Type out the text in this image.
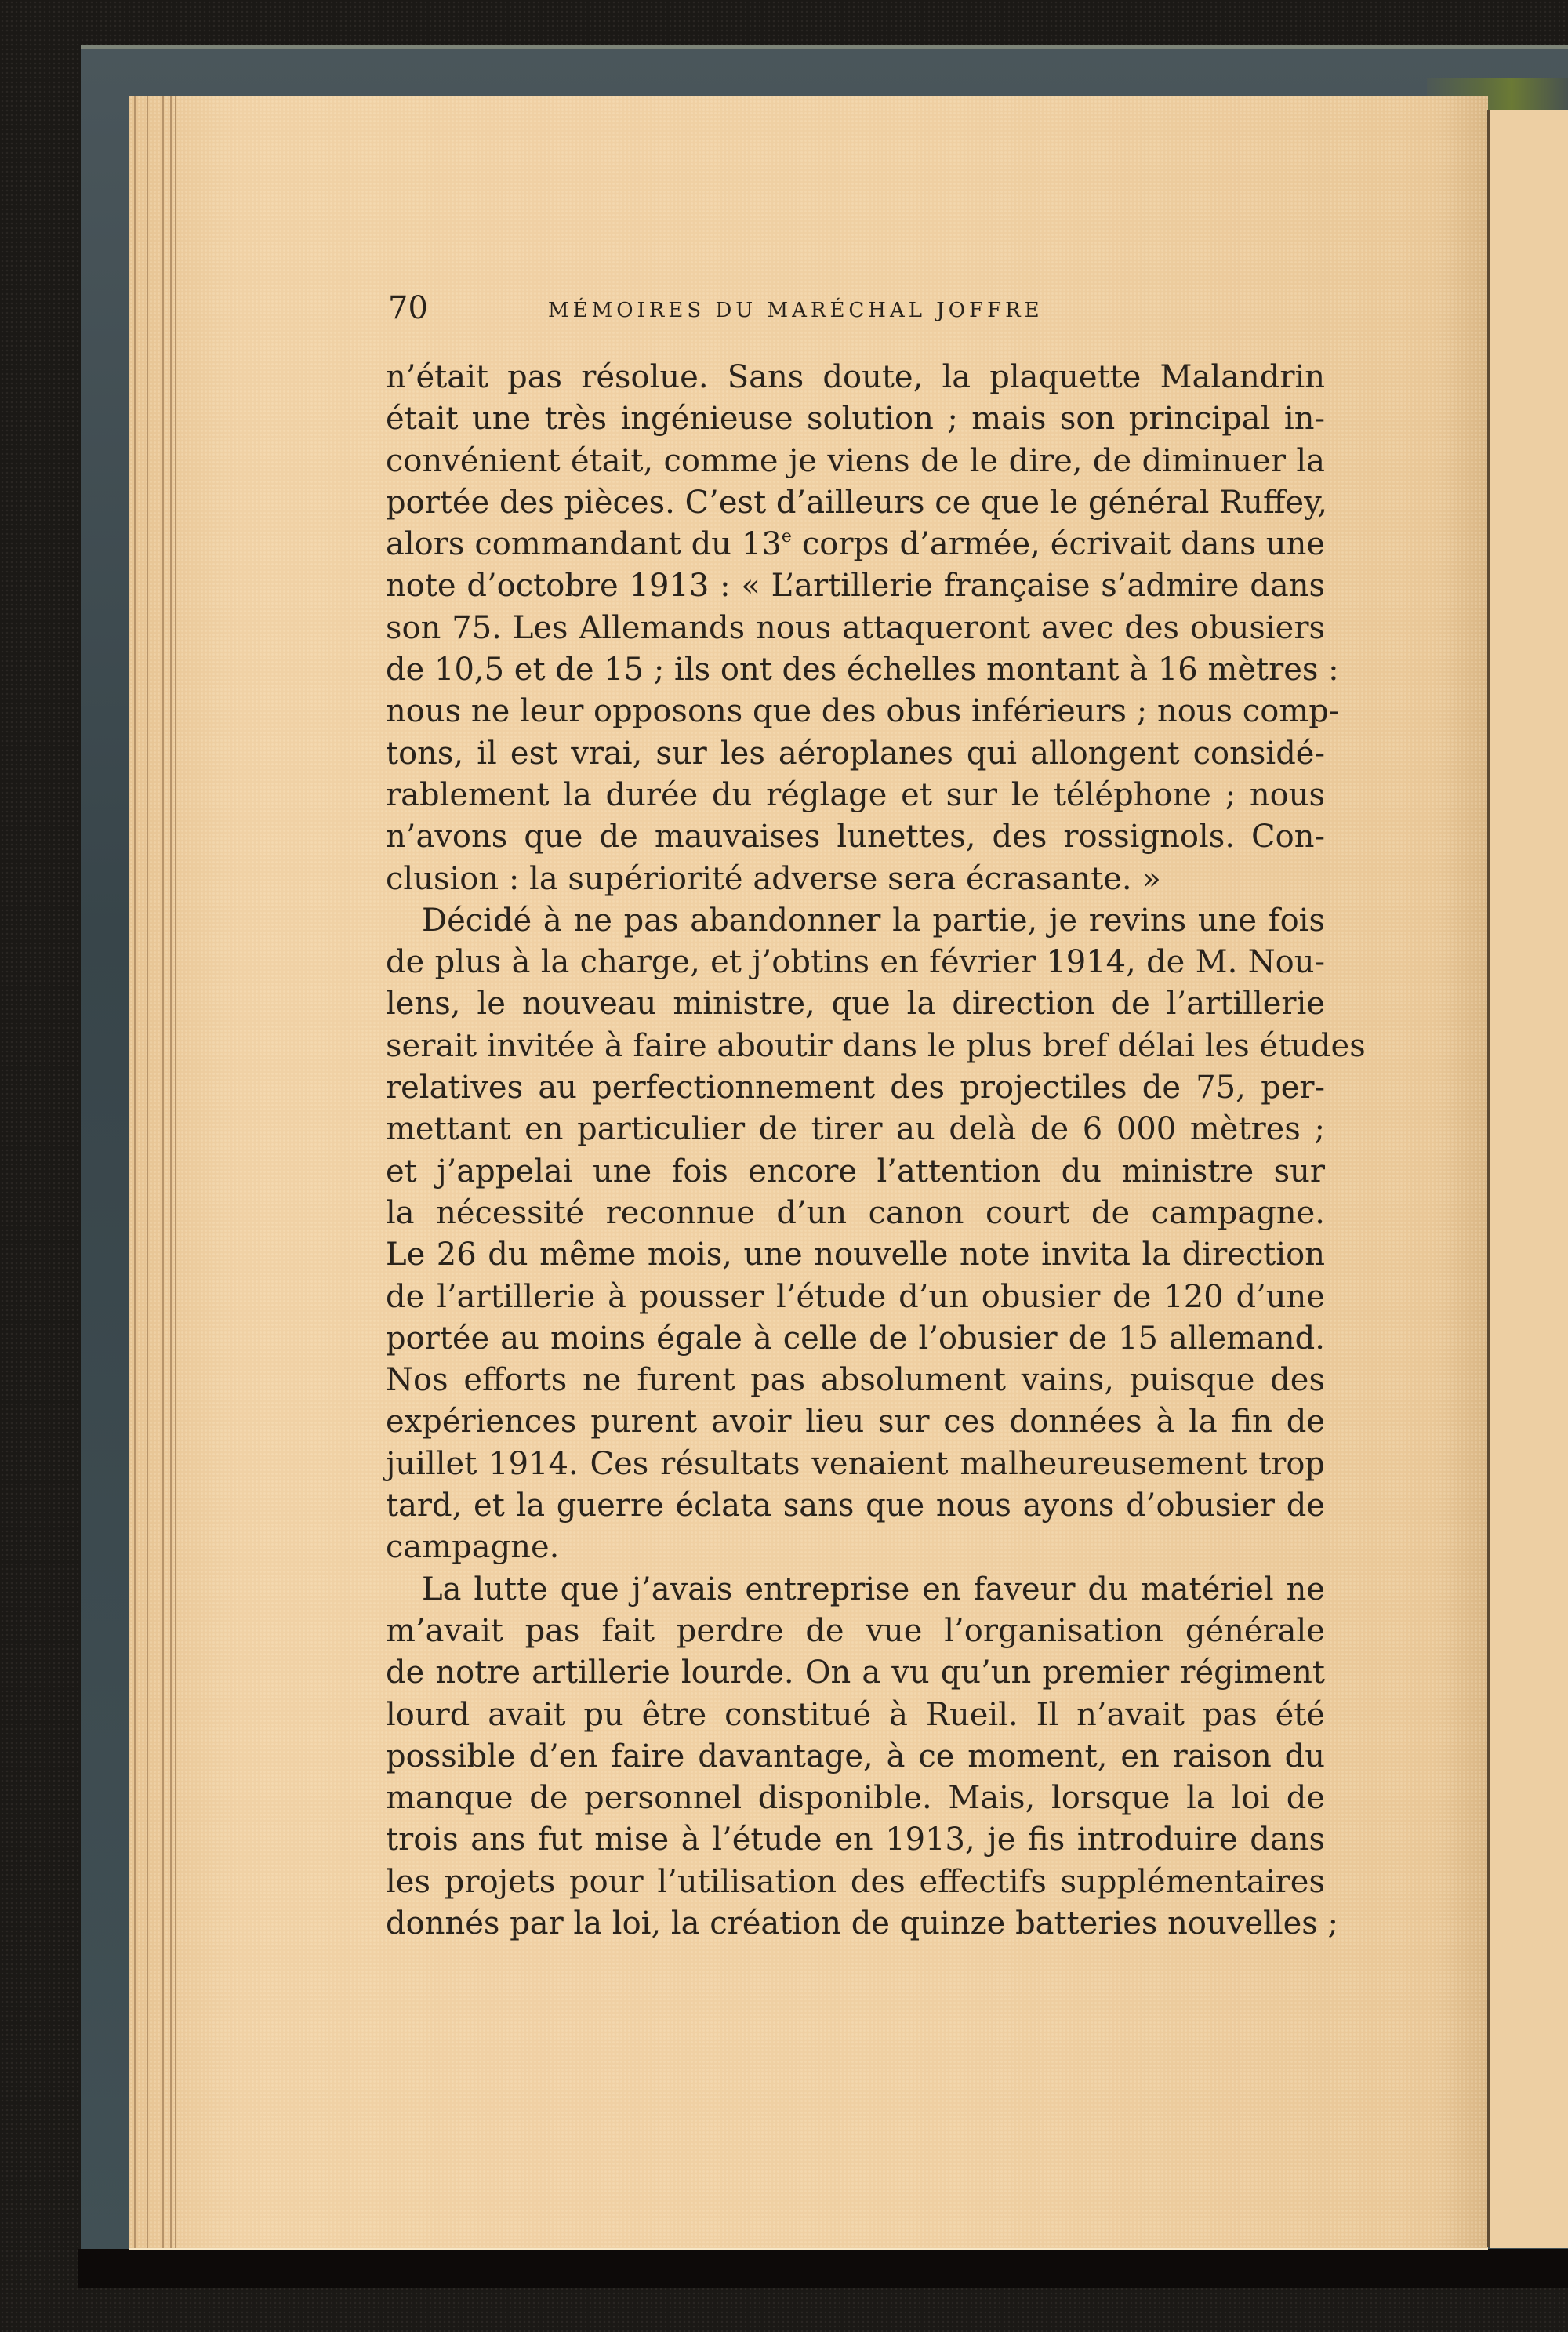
70	MÉMOIRES DU MARÉCHAL JOFFRE
n’était pas résolue. Sans doute, la plaquette Malandrin
était une très ingénieuse solution ; mais son principal in-
convénient était, comme je viens de le dire, de diminuer la
portée des pièces. C’est d’ailleurs ce que le général Ruffey,
alors commandant du 13e corps d’armée, écrivait dans une
note d’octobre 1913 : « L’artillerie française s’admire dans
son 75. Les Allemands nous attaqueront avec des obusiers
de 10,5 et de 15 ; ils ont des échelles montant à 16 mètres :
nous ne leur opposons que des obus inférieurs ; nous comp-
tons, il est vrai, sur les aéroplanes qui allongent considé-
rablement la durée du réglage et sur le téléphone ; nous
n’avons que de mauvaises lunettes, des rossignols. Con-
clusion : la supériorité adverse sera écrasante. »
Décidé à ne pas abandonner la partie, je revins une fois
de plus à la charge, et j’obtins en février 1914, de M. Nou-
lens, le nouveau ministre, que la direction de l’artillerie
serait invitée à faire aboutir dans le plus bref délai les études
relatives au perfectionnement des projectiles de 75, per-
mettant en particulier de tirer au delà de 6 000 mètres ;
et j’appelai une fois encore l’attention du ministre sur
la nécessité reconnue d’un canon court de campagne.
Le 26 du même mois, une nouvelle note invita la direction
de l’artillerie à pousser l’étude d’un obusier de 120 d’une
portée au moins égale à celle de l’obusier de 15 allemand.
Nos efforts ne furent pas absolument vains, puisque des
expériences purent avoir lieu sur ces données à la fin de
juillet 1914. Ces résultats venaient malheureusement trop
tard, et la guerre éclata sans que nous ayons d’obusier de
campagne.
La lutte que j’avais entreprise en faveur du matériel ne
m’avait pas fait perdre de vue l’organisation générale
de notre artillerie lourde. On a vu qu’un premier régiment
lourd avait pu être constitué à Rueil. Il n’avait pas été
possible d’en faire davantage, à ce moment, en raison du
manque de personnel disponible. Mais, lorsque la loi de
trois ans fut mise à l’étude en 1913, je fis introduire dans
les projets pour l’utilisation des effectifs supplémentaires
donnés par la loi, la création de quinze batteries nouvelles ;
